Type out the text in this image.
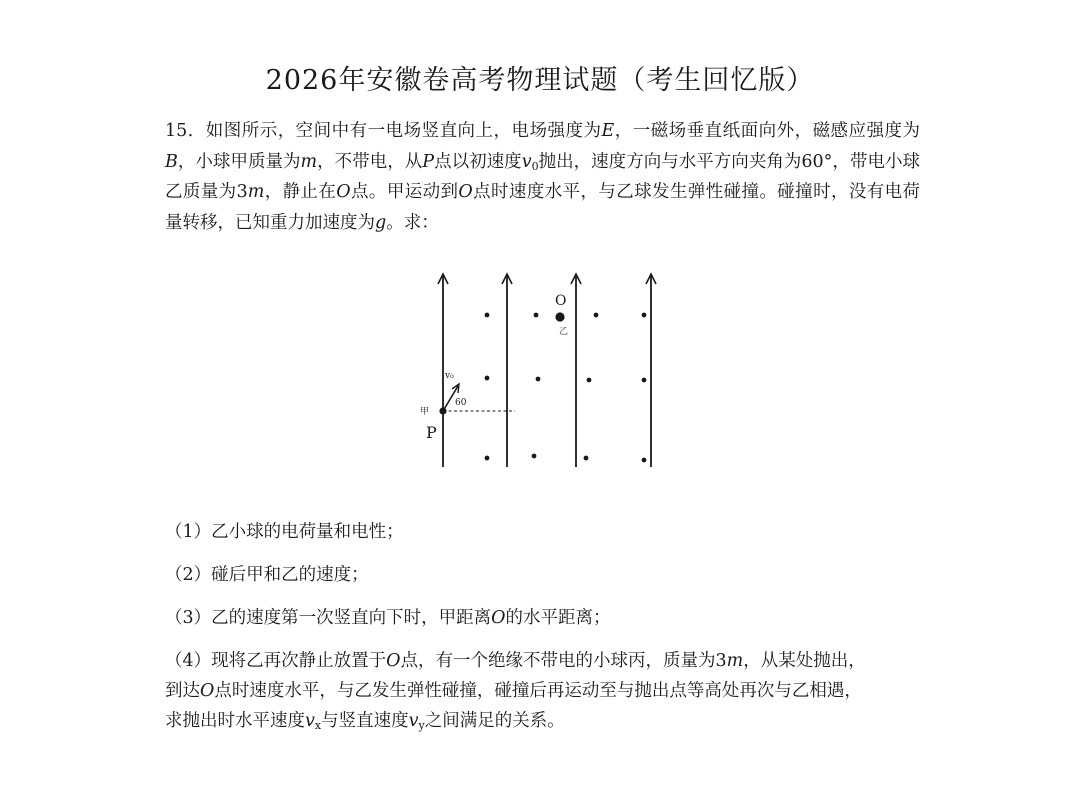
2026年安徽卷高考物理试题（考生回忆版）
15．如图所示，空间中有一电场竖直向上，电场强度为E，一磁场垂直纸面向外，磁感应强度为B，小球甲质量为m，不带电，从P点以初速度$v_0$抛出，速度方向与水平方向夹角为60°，带电小球乙质量为3m，静止在O点。甲运动到O点时速度水平，与乙球发生弹性碰撞。碰撞时，没有电荷量转移，已知重力加速度为g。求：
O
乙
v₀
60
甲
P
（1）乙小球的电荷量和电性；
（2）碰后甲和乙的速度；
（3）乙的速度第一次竖直向下时，甲距离O的水平距离；
（4）现将乙再次静止放置于O点，有一个绝缘不带电的小球丙，质量为3m，从某处抛出，
到达O点时速度水平，与乙发生弹性碰撞，碰撞后再运动至与抛出点等高处再次与乙相遇，
求抛出时水平速度$v_x$与竖直速度$v_y$之间满足的关系。
